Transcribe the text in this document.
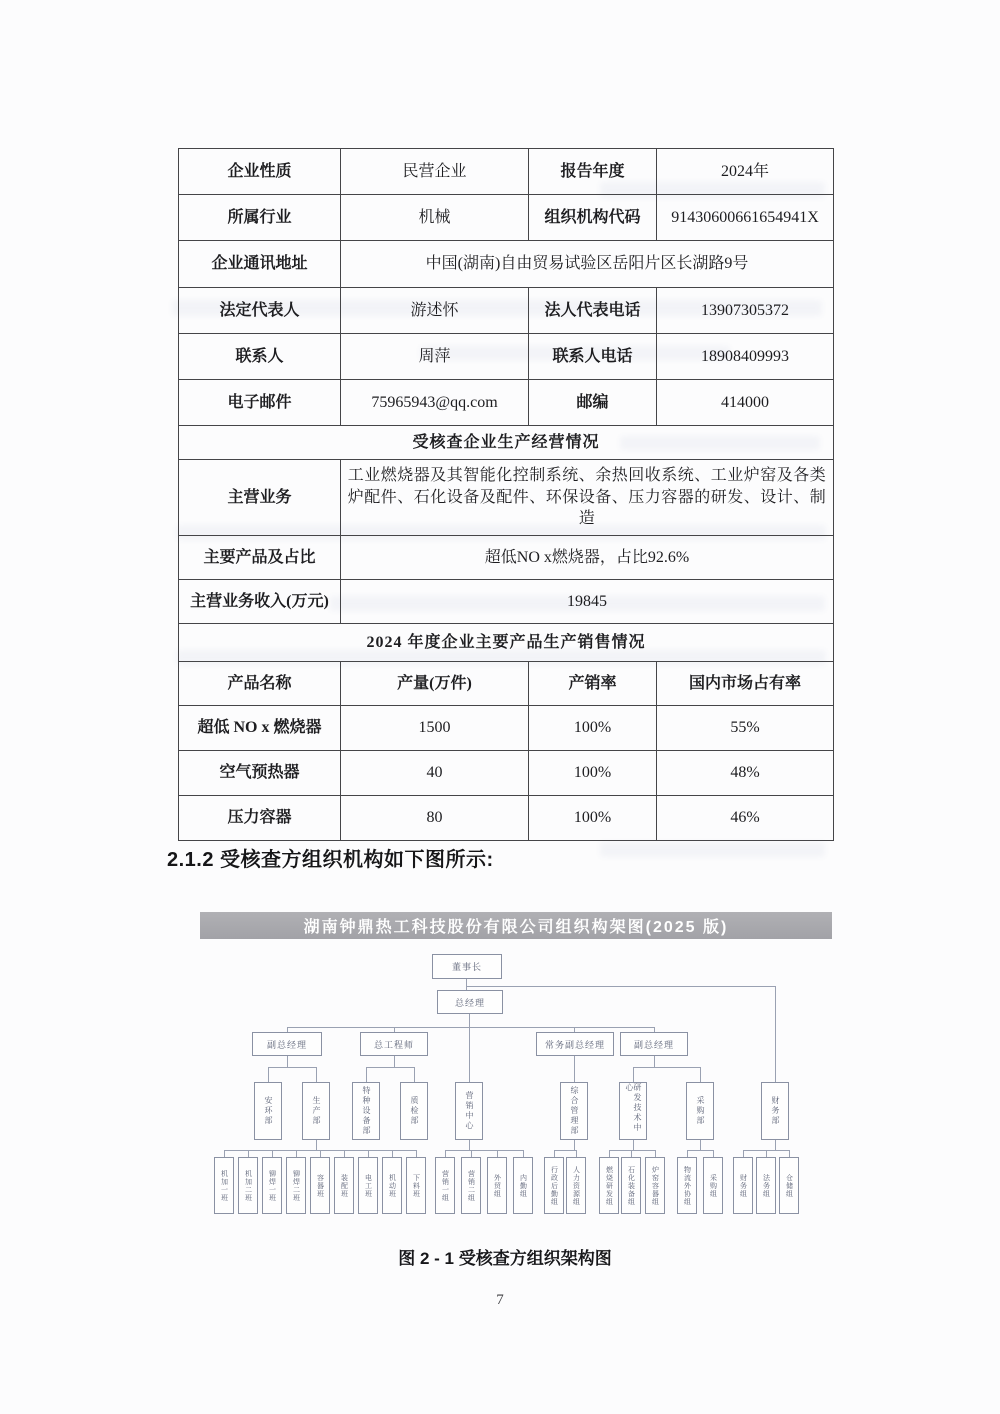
企业性质	民营企业	报告年度	2024年
所属行业	机械	组织机构代码	91430600661654941X
企业通讯地址	中国(湖南)自由贸易试验区岳阳片区长湖路9号		
法定代表人	游述怀	法人代表电话	13907305372
联系人	周萍	联系人电话	18908409993
电子邮件	75965943@qq.com	邮编	414000
受核查企业生产经营情况			
主营业务	工业燃烧器及其智能化控制系统、余热回收系统、工业炉窑及各类炉配件、石化设备及配件、环保设备、压力容器的研发、设计、制造		
主要产品及占比	超低NO x燃烧器，占比92.6%		
主营业务收入(万元)	19845		
2024 年度企业主要产品生产销售情况			
产品名称	产量(万件)	产销率	国内市场占有率
超低 NO x 燃烧器	1500	100%	55%
空气预热器	40	100%	48%
压力容器	80	100%	46%
2.1.2 受核查方组织机构如下图所示:
湖南钟鼎热工科技股份有限公司组织构架图(2025 版)
董事长
总经理
副总经理	总工程师	常务副总经理	副总经理
安环部	生产部	特种设备部	质检部	营销中心	综合管理部	研发技术中心
采购部	财务部
机加一班	机加二班	铆焊一班	铆焊二班	容器班	装配班	电工班	机动班	下料班	营销一组	营销二组	外贸组	内勤组	行政后勤组	人力资源组	燃烧研发组	石化装备组	炉窑容器组	物流外协组	采购组	财务组	法务组	仓储组
图 2 - 1 受核查方组织架构图
7
